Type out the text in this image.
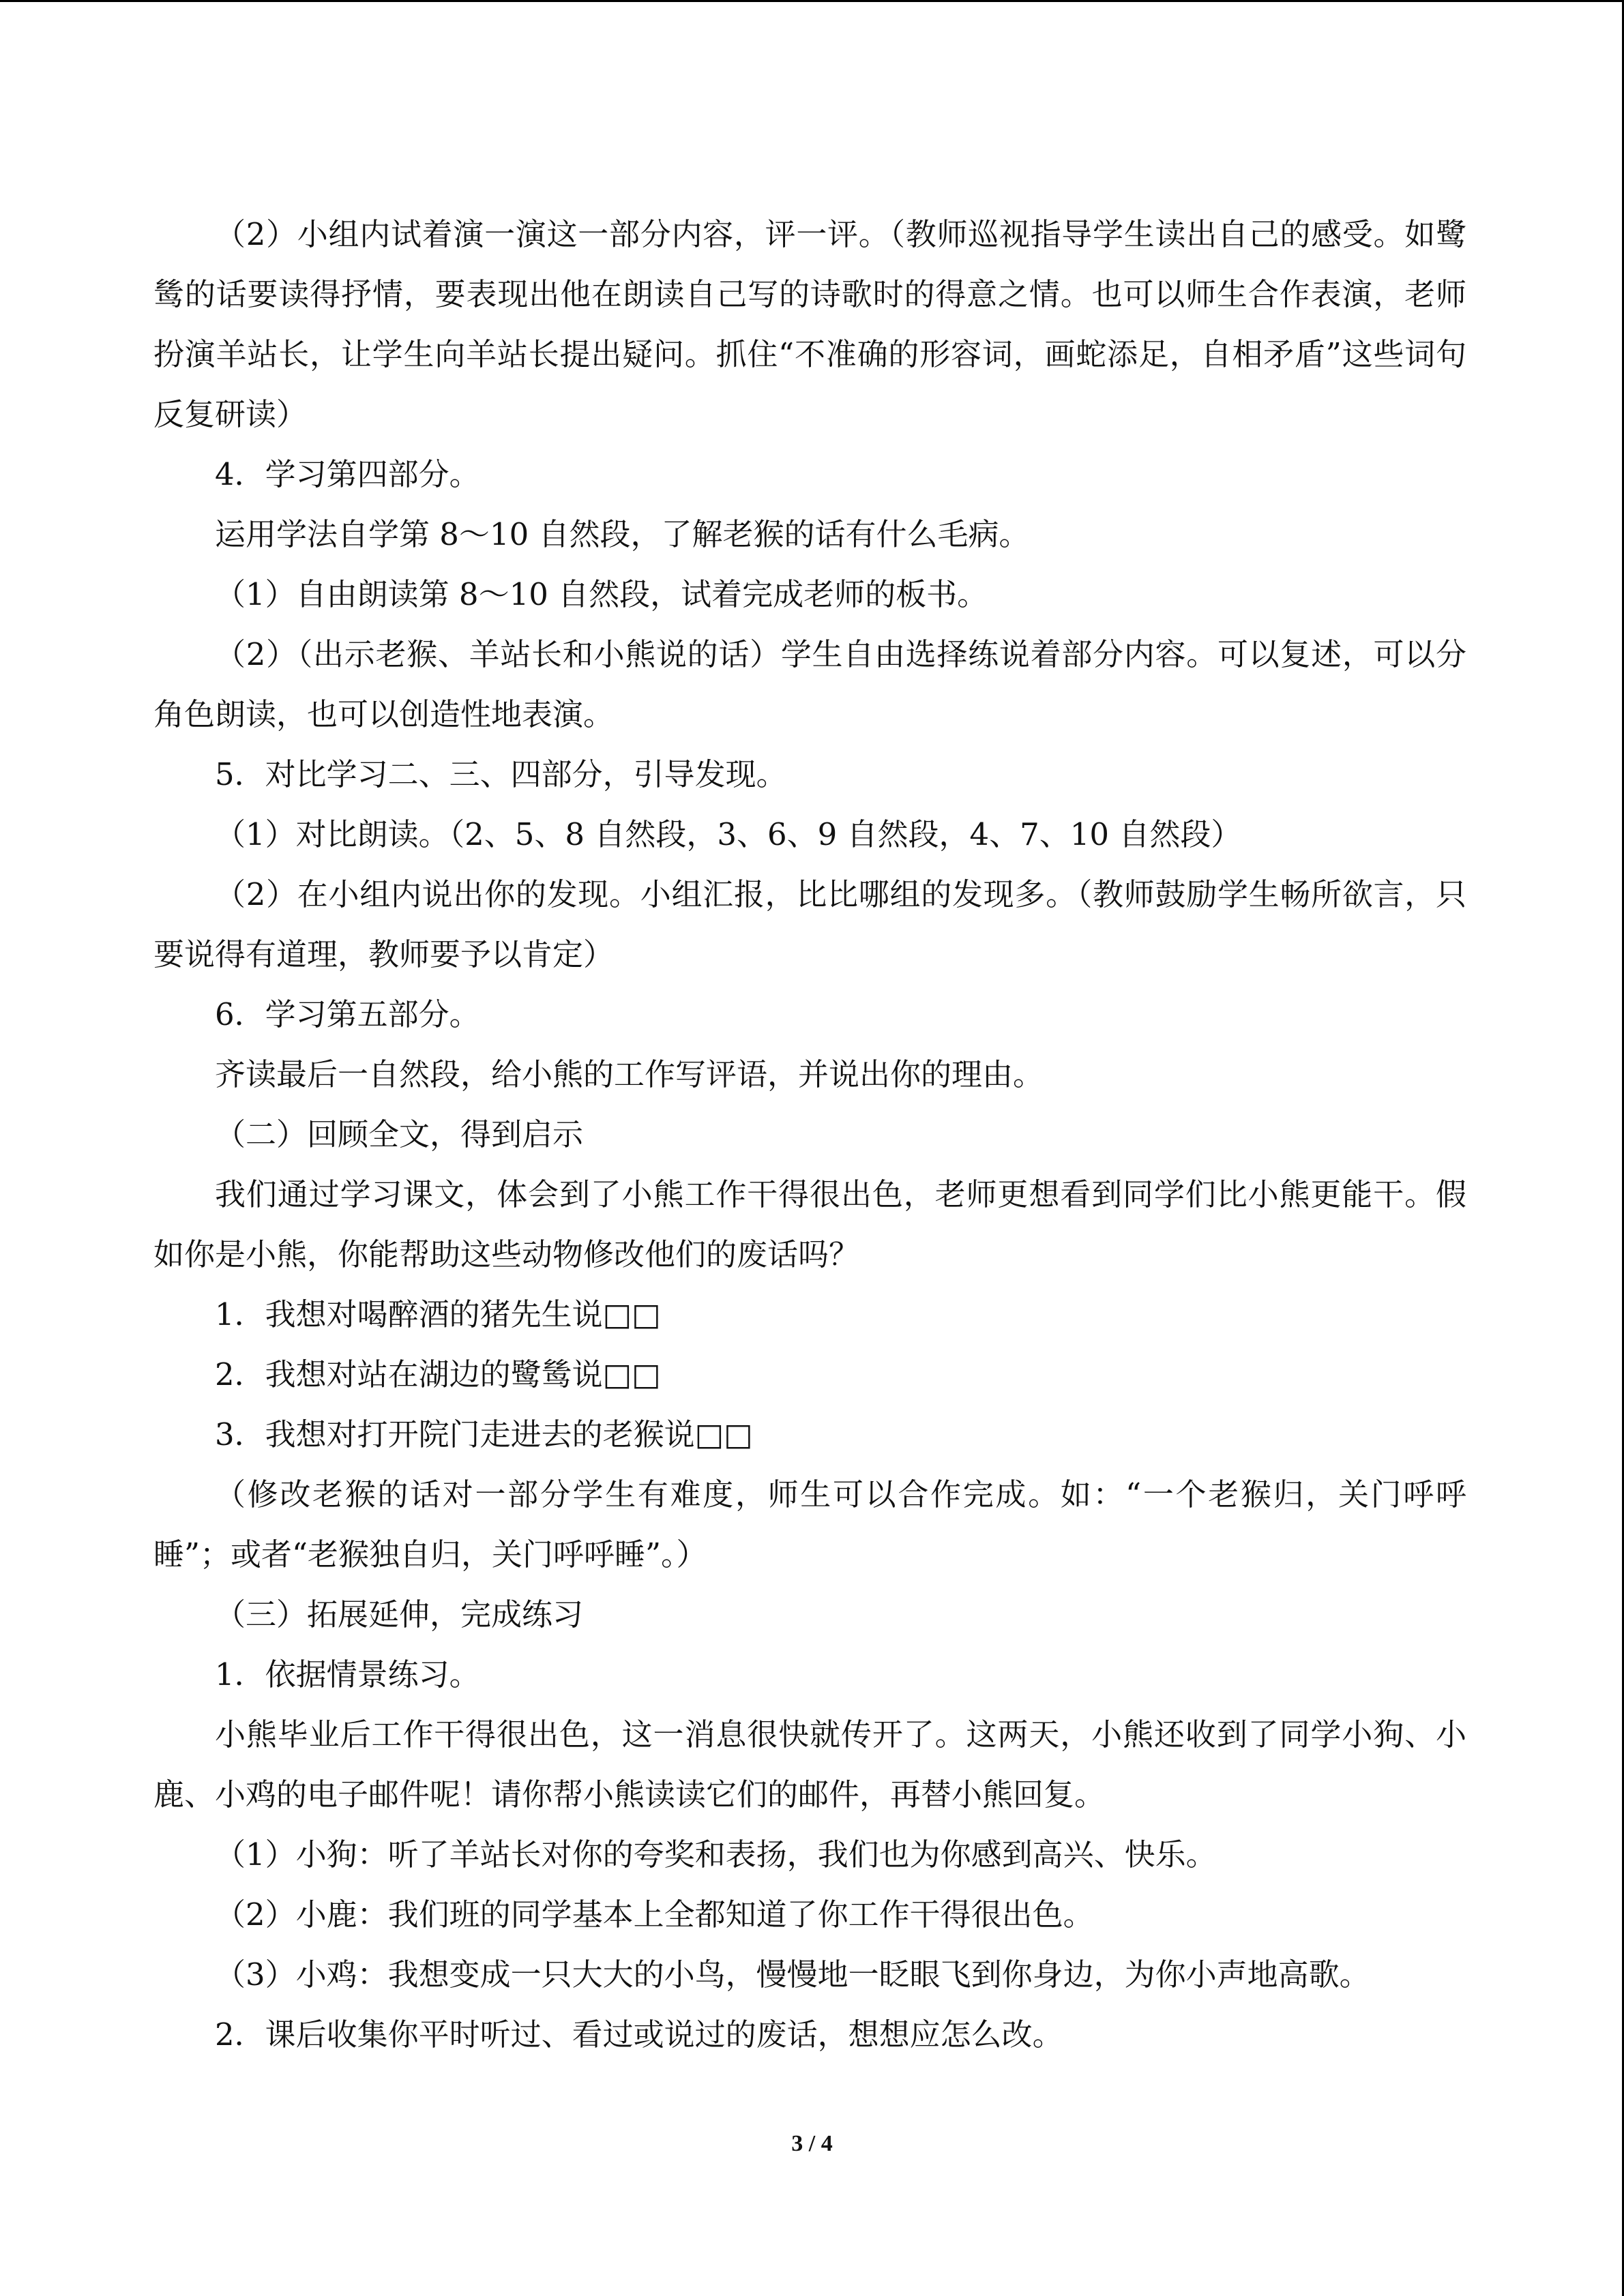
（2）小组内试着演一演这一部分内容，评一评。（教师巡视指导学生读出自己的感受。如鹭鸶的话要读得抒情，要表现出他在朗读自己写的诗歌时的得意之情。也可以师生合作表演，老师扮演羊站长，让学生向羊站长提出疑问。抓住“不准确的形容词，画蛇添足，自相矛盾”这些词句反复研读）

4．学习第四部分。

运用学法自学第 8～10 自然段，了解老猴的话有什么毛病。

（1）自由朗读第 8～10 自然段，试着完成老师的板书。

（2）（出示老猴、羊站长和小熊说的话）学生自由选择练说着部分内容。可以复述，可以分角色朗读，也可以创造性地表演。

5．对比学习二、三、四部分，引导发现。

（1）对比朗读。（2、5、8 自然段，3、6、9 自然段，4、7、10 自然段）

（2）在小组内说出你的发现。小组汇报，比比哪组的发现多。（教师鼓励学生畅所欲言，只要说得有道理，教师要予以肯定）

6．学习第五部分。

齐读最后一自然段，给小熊的工作写评语，并说出你的理由。

（二）回顾全文，得到启示

我们通过学习课文，体会到了小熊工作干得很出色，老师更想看到同学们比小熊更能干。假如你是小熊，你能帮助这些动物修改他们的废话吗？

1．我想对喝醉酒的猪先生说□□

2．我想对站在湖边的鹭鸶说□□

3．我想对打开院门走进去的老猴说□□

（修改老猴的话对一部分学生有难度，师生可以合作完成。如：“一个老猴归，关门呼呼睡”；或者“老猴独自归，关门呼呼睡”。）

（三）拓展延伸，完成练习

1．依据情景练习。

小熊毕业后工作干得很出色，这一消息很快就传开了。这两天，小熊还收到了同学小狗、小鹿、小鸡的电子邮件呢！请你帮小熊读读它们的邮件，再替小熊回复。

（1）小狗：听了羊站长对你的夸奖和表扬，我们也为你感到高兴、快乐。

（2）小鹿：我们班的同学基本上全都知道了你工作干得很出色。

（3）小鸡：我想变成一只大大的小鸟，慢慢地一眨眼飞到你身边，为你小声地高歌。

2．课后收集你平时听过、看过或说过的废话，想想应怎么改。

3 / 4
